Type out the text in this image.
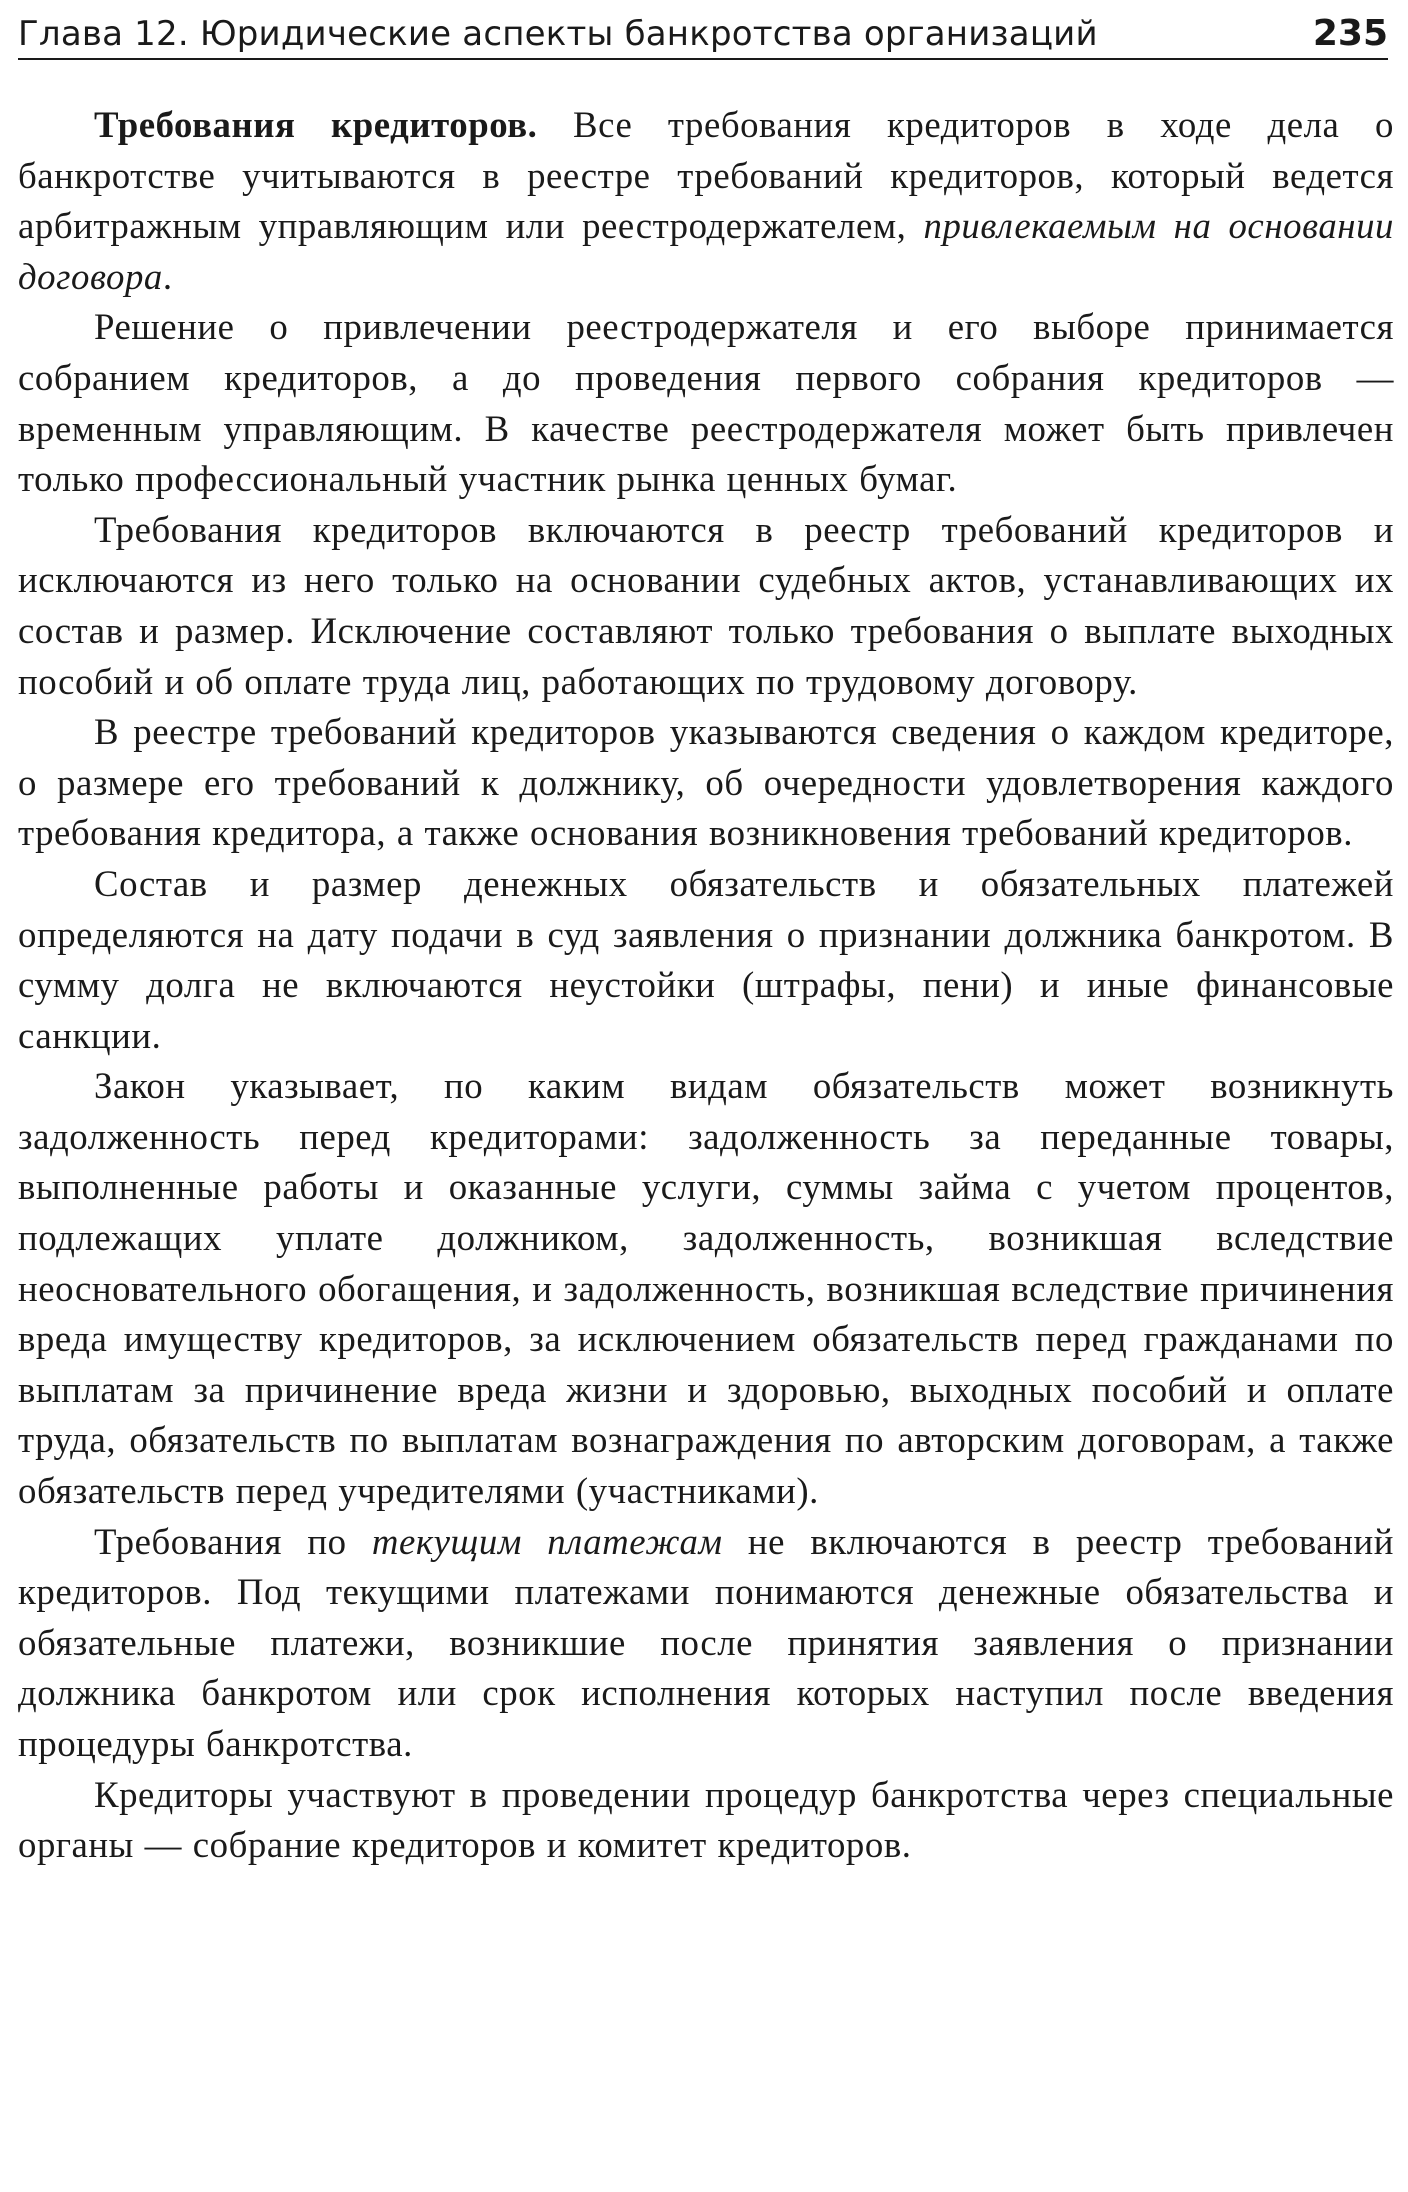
Глава 12. Юридические аспекты банкротства организаций	235

Требования кредиторов. Все требования кредиторов в ходе дела о банкротстве учитываются в реестре требований кредиторов, который ведется арбитражным управляющим или реестродержателем, привлекаемым на основании договора.

Решение о привлечении реестродержателя и его выборе принимается собранием кредиторов, а до проведения первого собрания кредиторов — временным управляющим. В качестве реестродержателя может быть привлечен только профессиональный участник рынка ценных бумаг.

Требования кредиторов включаются в реестр требований кредиторов и исключаются из него только на основании судебных актов, устанавливающих их состав и размер. Исключение составляют только требования о выплате выходных пособий и об оплате труда лиц, работающих по трудовому договору.

В реестре требований кредиторов указываются сведения о каждом кредиторе, о размере его требований к должнику, об очередности удовлетворения каждого требования кредитора, а также основания возникновения требований кредиторов.

Состав и размер денежных обязательств и обязательных платежей определяются на дату подачи в суд заявления о признании должника банкротом. В сумму долга не включаются неустойки (штрафы, пени) и иные финансовые санкции.

Закон указывает, по каким видам обязательств может возникнуть задолженность перед кредиторами: задолженность за переданные товары, выполненные работы и оказанные услуги, суммы займа с учетом процентов, подлежащих уплате должником, задолженность, возникшая вследствие неосновательного обогащения, и задолженность, возникшая вследствие причинения вреда имуществу кредиторов, за исключением обязательств перед гражданами по выплатам за причинение вреда жизни и здоровью, выходных пособий и оплате труда, обязательств по выплатам вознаграждения по авторским договорам, а также обязательств перед учредителями (участниками).

Требования по текущим платежам не включаются в реестр требований кредиторов. Под текущими платежами понимаются денежные обязательства и обязательные платежи, возникшие после принятия заявления о признании должника банкротом или срок исполнения которых наступил после введения процедуры банкротства.

Кредиторы участвуют в проведении процедур банкротства через специальные органы — собрание кредиторов и комитет кредиторов.
